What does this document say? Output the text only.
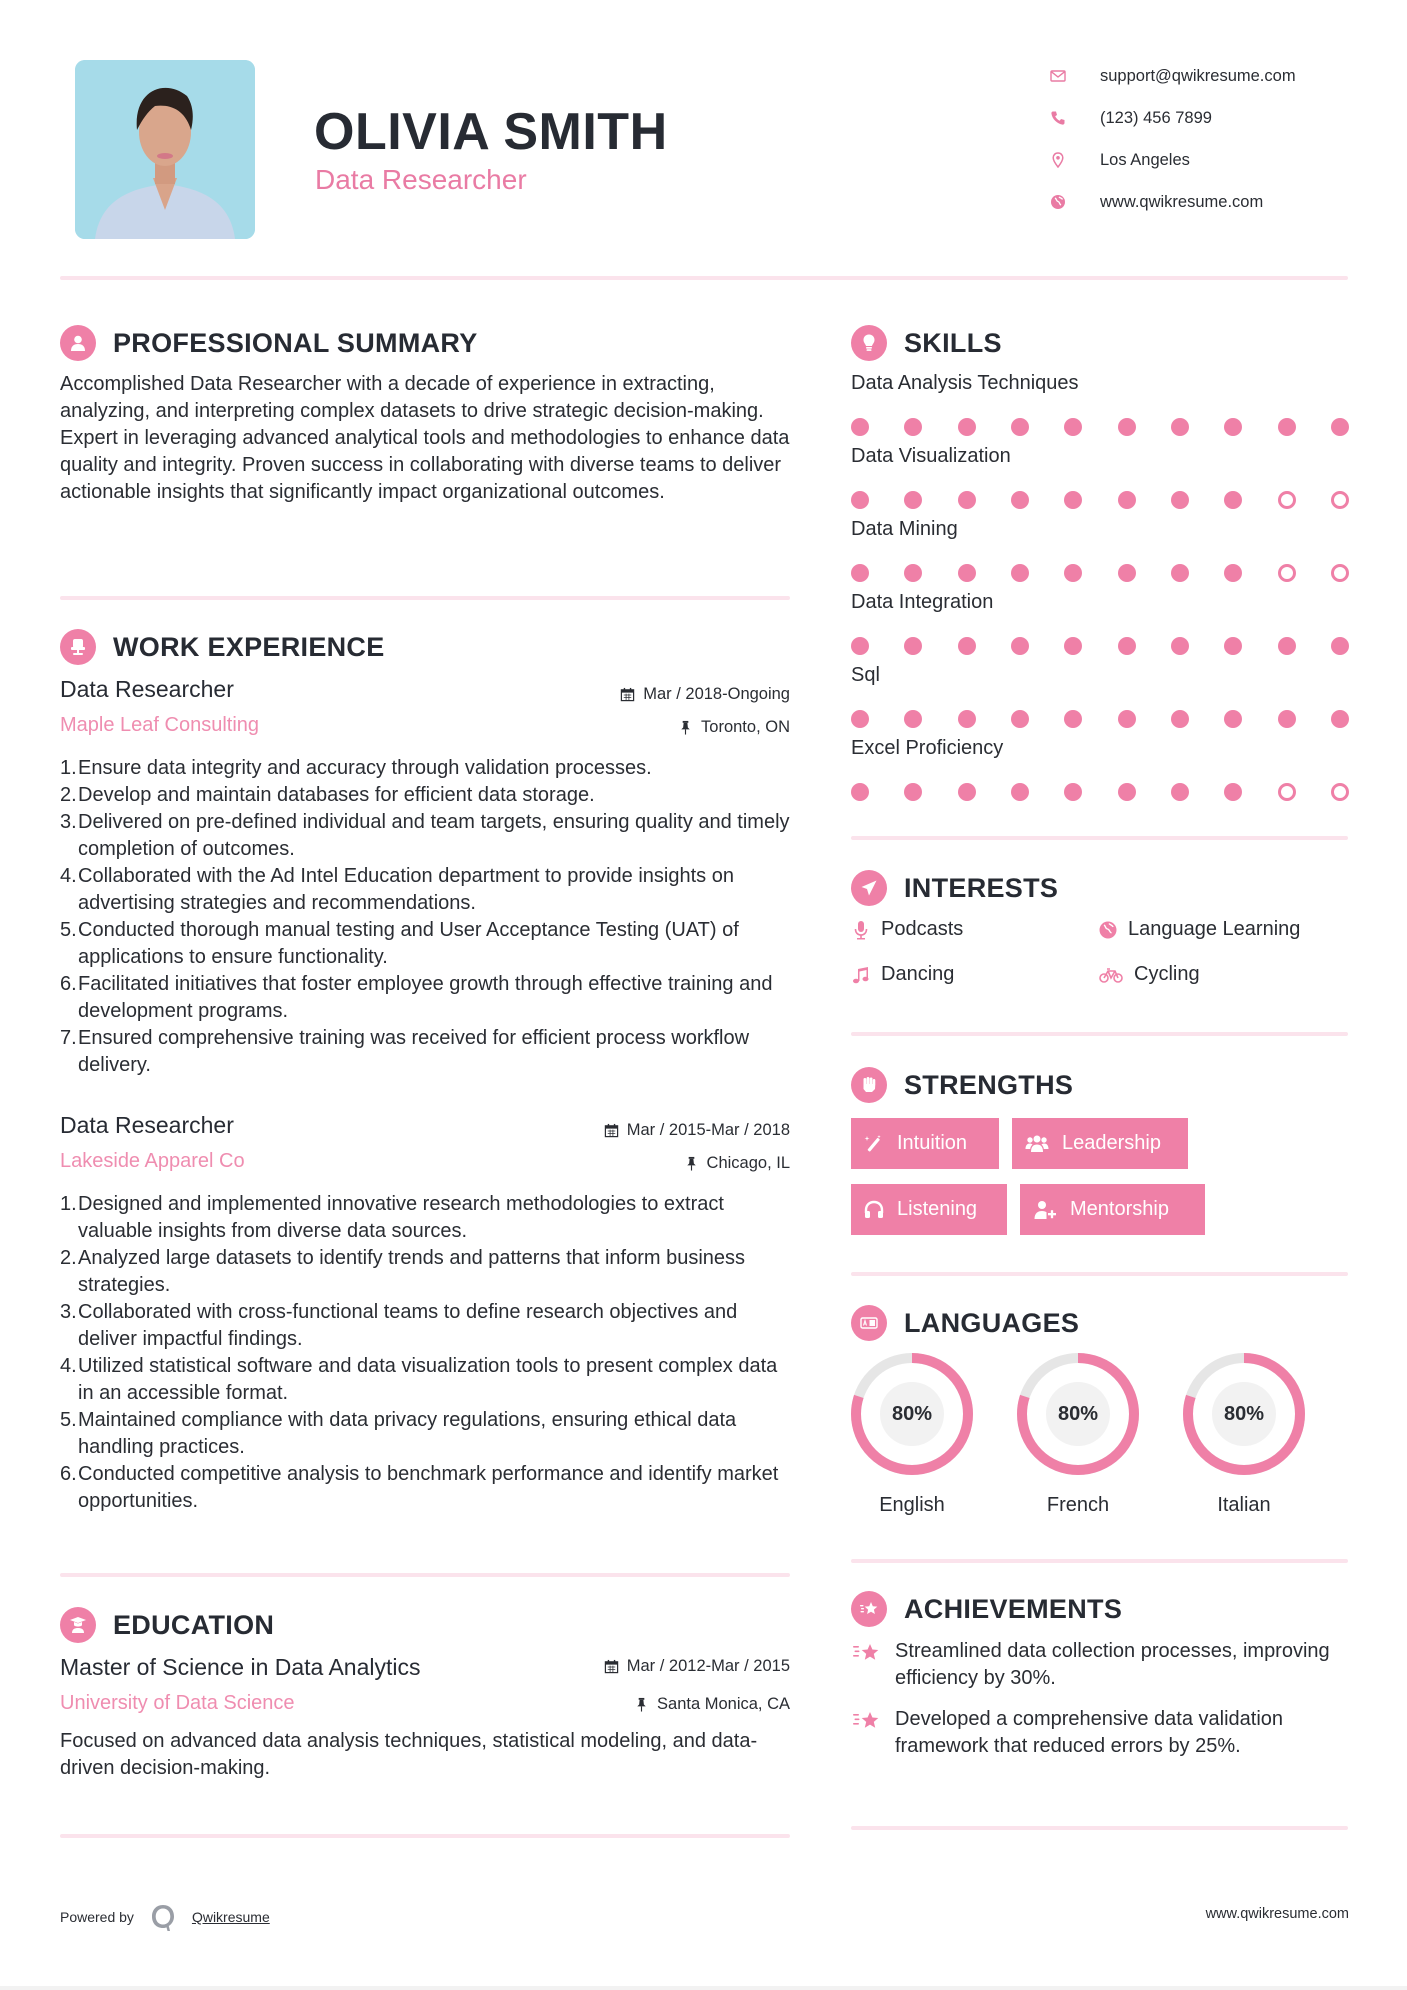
OLIVIA SMITH
Data Researcher
support@qwikresume.com
(123) 456 7899
Los Angeles
www.qwikresume.com
PROFESSIONAL SUMMARY
Accomplished Data Researcher with a decade of experience in extracting, analyzing, and interpreting complex datasets to drive strategic decision-making. Expert in leveraging advanced analytical tools and methodologies to enhance data quality and integrity. Proven success in collaborating with diverse teams to deliver actionable insights that significantly impact organizational outcomes.
WORK EXPERIENCE
Data Researcher	Mar / 2018-Ongoing
Maple Leaf Consulting	Toronto, ON
1. Ensure data integrity and accuracy through validation processes.
2. Develop and maintain databases for efficient data storage.
3. Delivered on pre-defined individual and team targets, ensuring quality and timely completion of outcomes.
4. Collaborated with the Ad Intel Education department to provide insights on advertising strategies and recommendations.
5. Conducted thorough manual testing and User Acceptance Testing (UAT) of applications to ensure functionality.
6. Facilitated initiatives that foster employee growth through effective training and development programs.
7. Ensured comprehensive training was received for efficient process workflow delivery.
Data Researcher	Mar / 2015-Mar / 2018
Lakeside Apparel Co	Chicago, IL
1. Designed and implemented innovative research methodologies to extract valuable insights from diverse data sources.
2. Analyzed large datasets to identify trends and patterns that inform business strategies.
3. Collaborated with cross-functional teams to define research objectives and deliver impactful findings.
4. Utilized statistical software and data visualization tools to present complex data in an accessible format.
5. Maintained compliance with data privacy regulations, ensuring ethical data handling practices.
6. Conducted competitive analysis to benchmark performance and identify market opportunities.
EDUCATION
Master of Science in Data Analytics	Mar / 2012-Mar / 2015
University of Data Science	Santa Monica, CA
Focused on advanced data analysis techniques, statistical modeling, and data-driven decision-making.
SKILLS
Data Analysis Techniques
Data Visualization
Data Mining
Data Integration
Sql
Excel Proficiency
INTERESTS
Podcasts	Language Learning
Dancing	Cycling
STRENGTHS
Intuition	Leadership
Listening	Mentorship
LANGUAGES
80%
English
80%
French
80%
Italian
ACHIEVEMENTS
Streamlined data collection processes, improving efficiency by 30%.
Developed a comprehensive data validation framework that reduced errors by 25%.
Powered by	Qwikresume	www.qwikresume.com
